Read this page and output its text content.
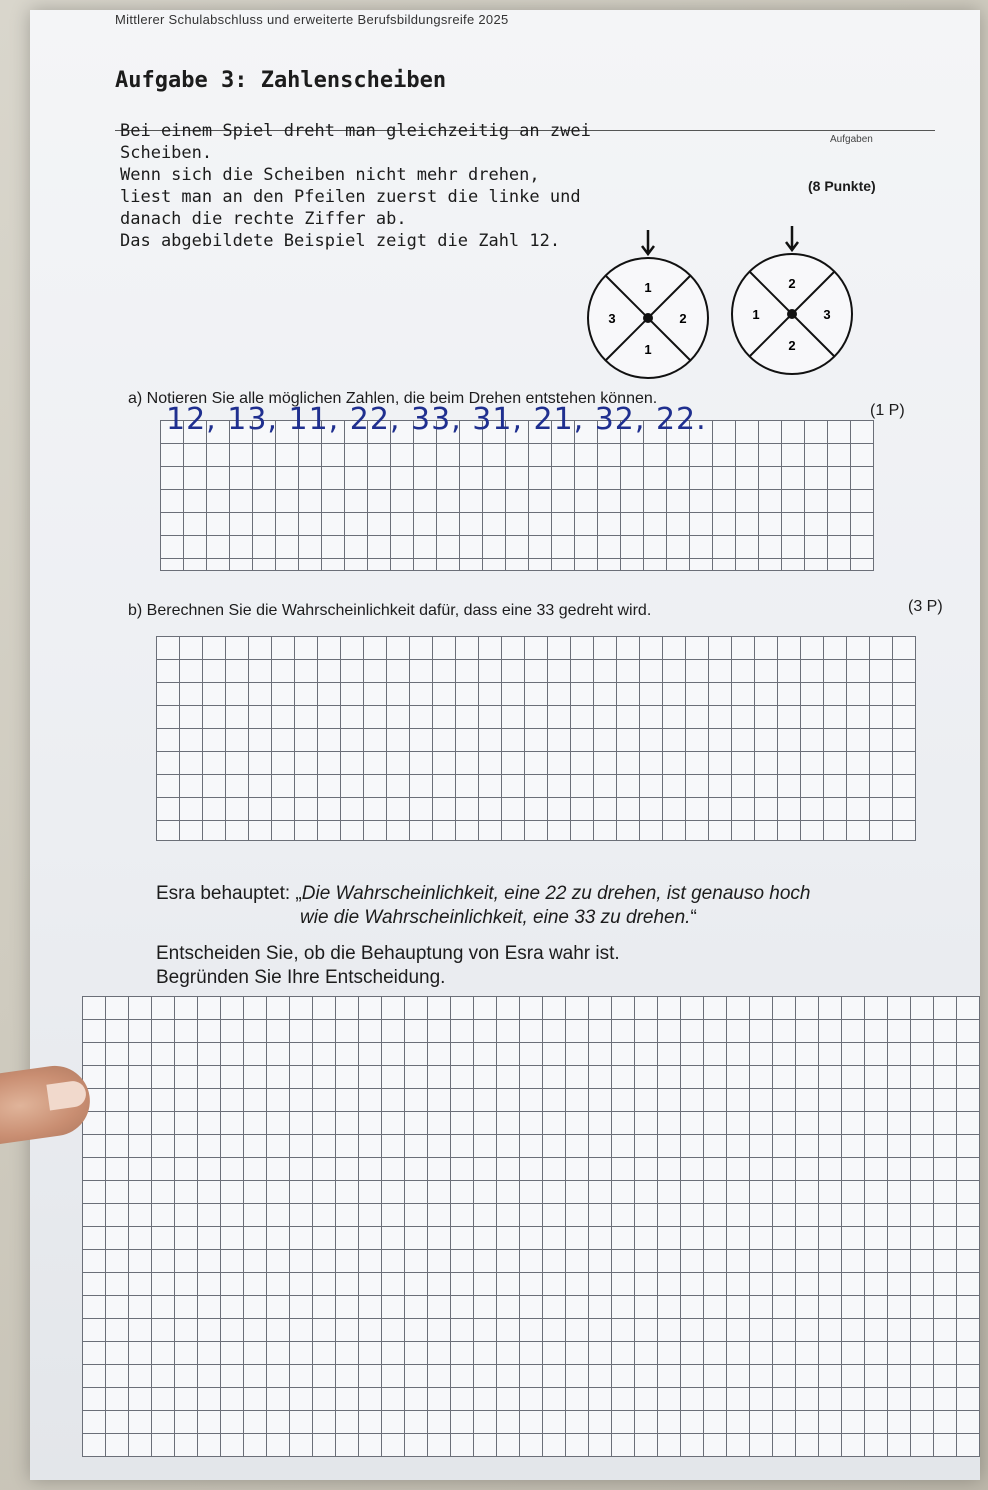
Mittlerer Schulabschluss und erweiterte Berufsbildungsreife 2025
Aufgaben
Aufgabe 3: Zahlenscheiben
(8 Punkte)
Bei einem Spiel dreht man gleichzeitig an zwei
Scheiben.
Wenn sich die Scheiben nicht mehr drehen,
liest man an den Pfeilen zuerst die linke und
danach die rechte Ziffer ab.
Das abgebildete Beispiel zeigt die Zahl 12.
1
3	2
1
2
1	3
2
a) Notieren Sie alle möglichen Zahlen, die beim Drehen entstehen können.
(1 P)
12, 13, 11, 22, 33, 31, 21, 32, 22.
b) Berechnen Sie die Wahrscheinlichkeit dafür, dass eine 33 gedreht wird.	(3 P)
Esra behauptet: „Die Wahrscheinlichkeit, eine 22 zu drehen, ist genauso hoch
wie die Wahrscheinlichkeit, eine 33 zu drehen.“
Entscheiden Sie, ob die Behauptung von Esra wahr ist.
Begründen Sie Ihre Entscheidung.
